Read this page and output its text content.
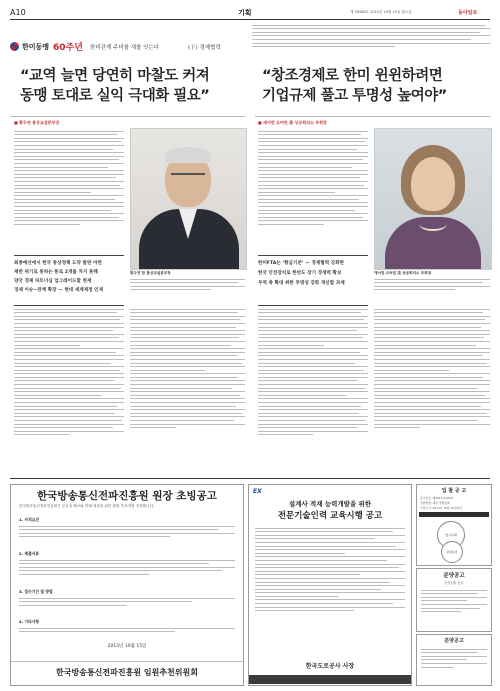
A10	기획	제 26568호 2012년 10월 15일 월요일	동아일보
한미동맹 60주년 한미관계 주미를 새를 잇는다	(下) 경제협력
“교역 늘면 당연히 마찰도 커져
동맹 토대로 실익 극대화 필요”
“창조경제로 한미 윈윈하려면
기업규제 풀고 투명성 높여야”
■ 황두연 통상교섭본부장
최종예산에서 한국 통상정책 도약 발판 마련
제반 위기로 통하는 통로 2개를 차지 못해
양국 경제 파트너십 업그레이드할 현재
경제 이슈~관계 확장 — 현대 세계재정 인재
황두연 한 통상교섭본부장
■ 캐서린 오버린 美 상공회의소 부회장
한미FTA는 ‘황금기준’ — 경제협력 강화한
한국 안전장치로 한반도 장기 경쟁력 확보
무역 축 확대 위한 투명성 강화 개선할 과제
캐서린 오버린 美 상공회의소 부회장
한국방송통신전파진흥원 원장 초빙공고
한국방송통신전파진흥원은 공공성 확보와 미래 성장을 위한 원장 후보자를 초빙합니다.
1. 자격요건
2. 제출서류
3. 접수기간 및 방법
4. 기타사항
2013년 10월 15일
한국방송통신전파진흥원 임원추천위원회
EX
설계사 적재 능력개발을 위한
전문기술인력 교육시행 공고
한국도로공사 사장
입 찰 공 고
공고번호: 제2013-0128호
입찰방법: 제한 경쟁입찰
사업기간: 2013년 10월 15일까지
청구문의
분양문의
분양공고
신상(경) 공고
분양공고
